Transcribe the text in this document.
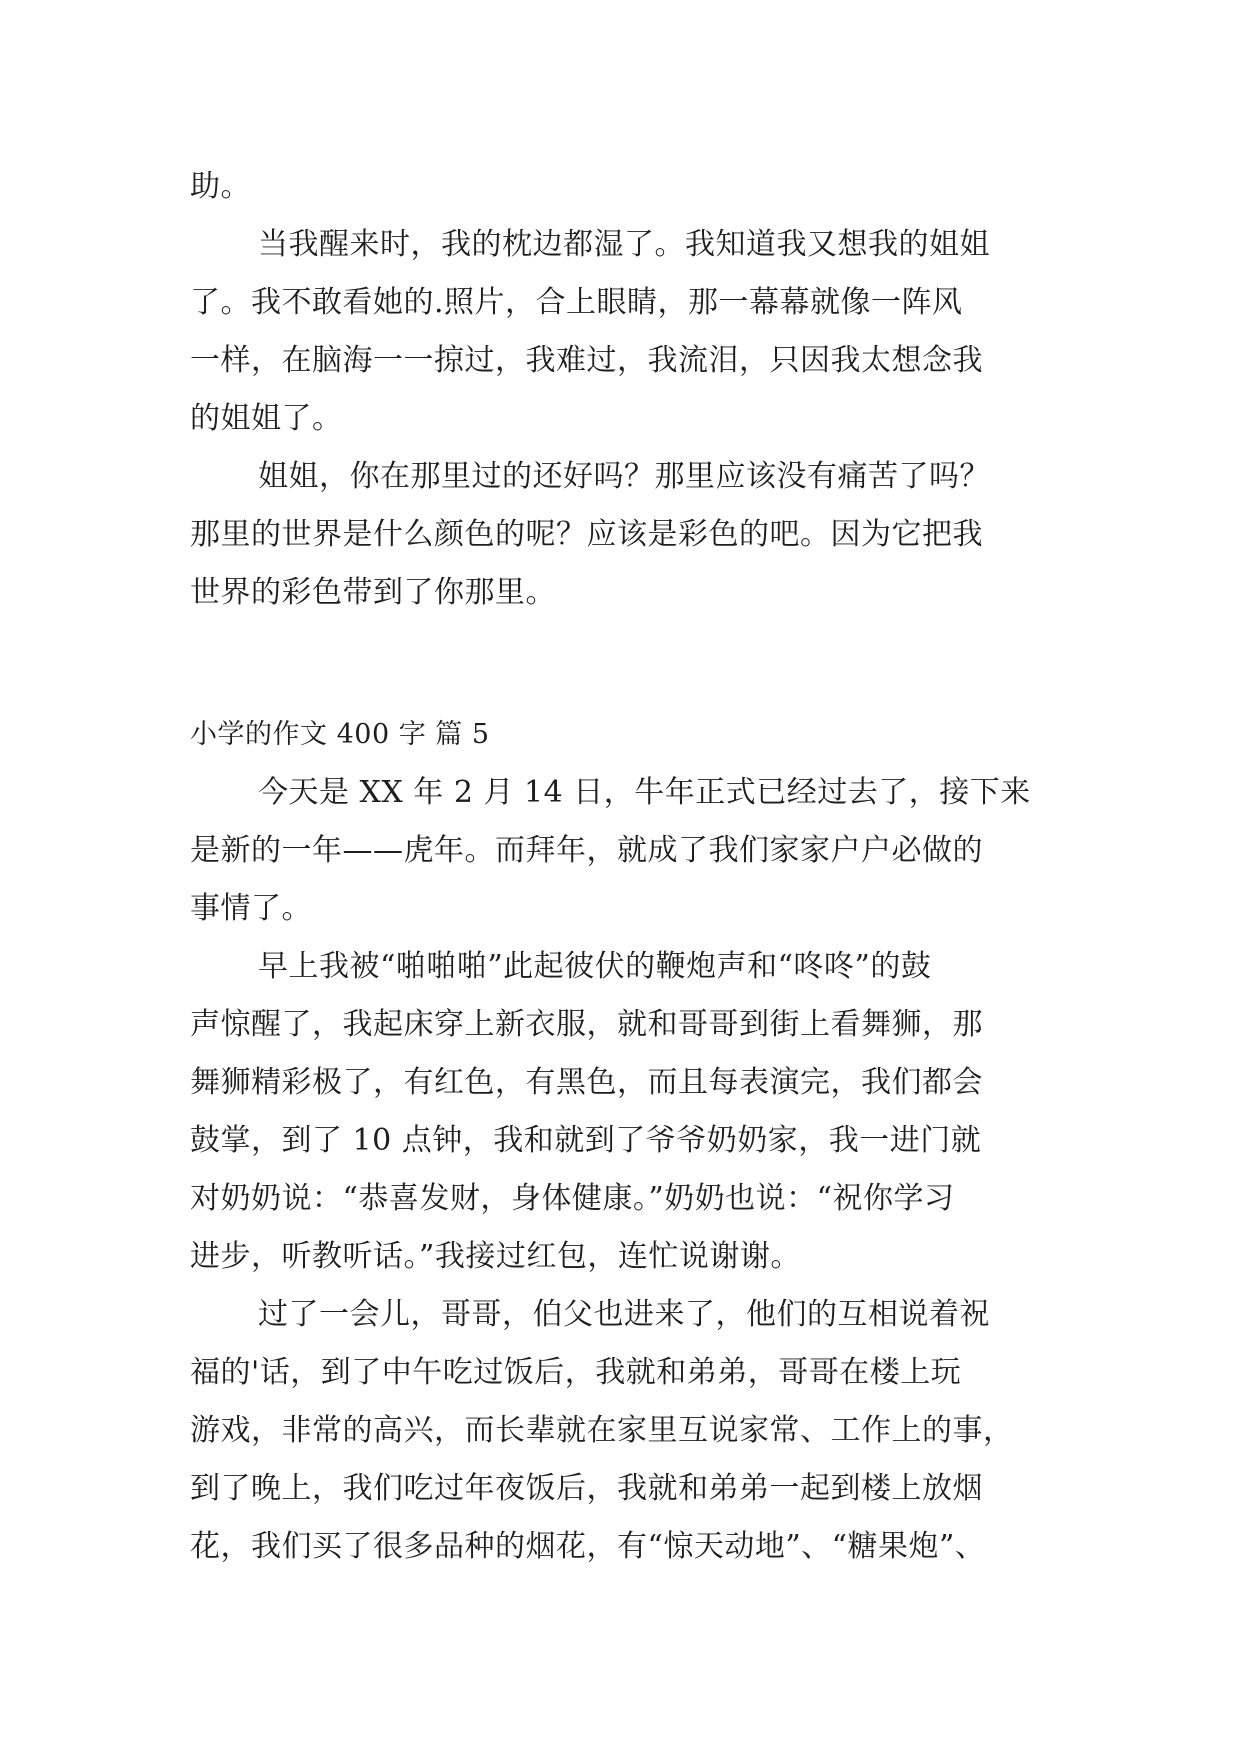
助。
当我醒来时，我的枕边都湿了。我知道我又想我的姐姐
了。我不敢看她的.照片，合上眼睛，那一幕幕就像一阵风
一样，在脑海一一掠过，我难过，我流泪，只因我太想念我
的姐姐了。
姐姐，你在那里过的还好吗？那里应该没有痛苦了吗？
那里的世界是什么颜色的呢？应该是彩色的吧。因为它把我
世界的彩色带到了你那里。
小学的作文 400 字 篇 5
今天是 XX 年 2 月 14 日，牛年正式已经过去了，接下来
是新的一年——虎年。而拜年，就成了我们家家户户必做的
事情了。
早上我被“啪啪啪”此起彼伏的鞭炮声和“咚咚”的鼓
声惊醒了，我起床穿上新衣服，就和哥哥到街上看舞狮，那
舞狮精彩极了，有红色，有黑色，而且每表演完，我们都会
鼓掌，到了 10 点钟，我和就到了爷爷奶奶家，我一进门就
对奶奶说：“恭喜发财，身体健康。”奶奶也说：“祝你学习
进步，听教听话。”我接过红包，连忙说谢谢。
过了一会儿，哥哥，伯父也进来了，他们的互相说着祝
福的'话，到了中午吃过饭后，我就和弟弟，哥哥在楼上玩
游戏，非常的高兴，而长辈就在家里互说家常、工作上的事，
到了晚上，我们吃过年夜饭后，我就和弟弟一起到楼上放烟
花，我们买了很多品种的烟花，有“惊天动地”、“糖果炮”、
